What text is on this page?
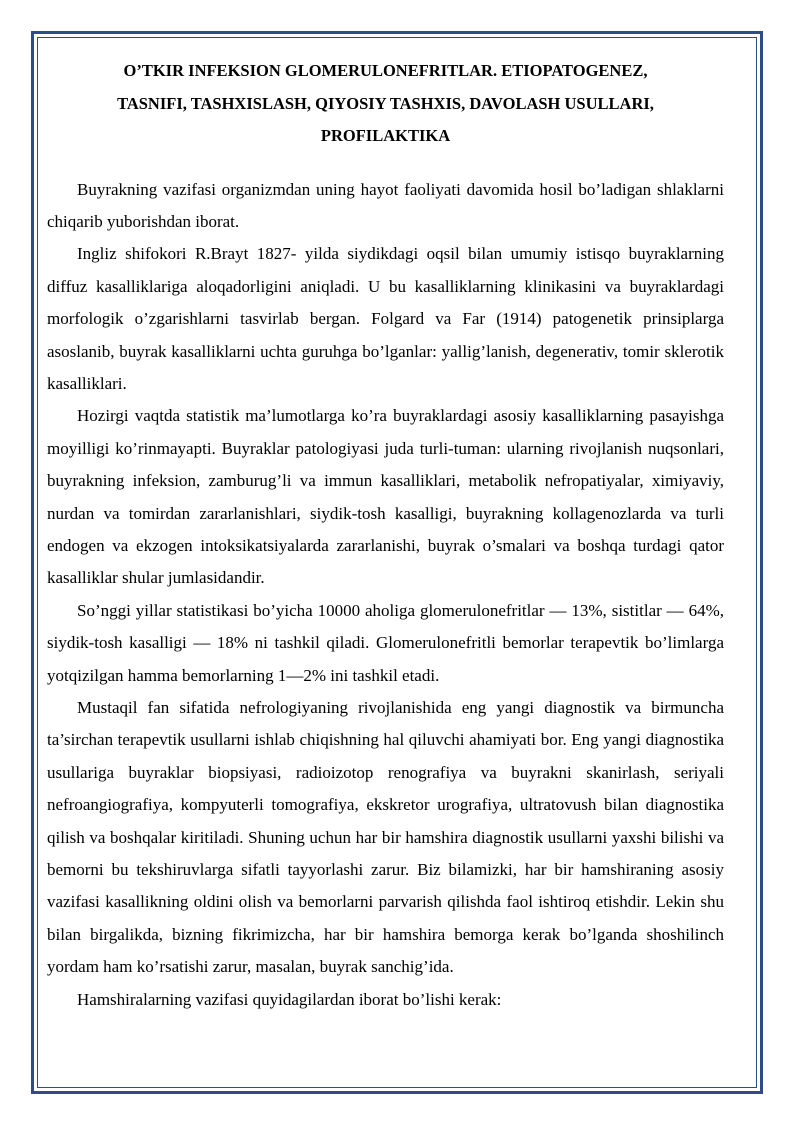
O’TKIR INFEKSION GLOMERULONEFRITLAR. ETIOPATOGENEZ,
TASNIFI, TASHXISLASH, QIYOSIY TASHXIS, DAVOLASH USULLARI,
PROFILAKTIKA

Buyrakning vazifasi organizmdan uning hayot faoliyati davomida hosil bo’ladigan shlaklarni chiqarib yuborishdan iborat.

Ingliz shifokori R.Brayt 1827- yilda siydikdagi oqsil bilan umumiy istisqo buyraklarning diffuz kasalliklariga aloqadorligini aniqladi. U bu kasalliklarning klinikasini va buyraklardagi morfologik o’zgarishlarni tasvirlab bergan. Folgard va Far (1914) patogenetik prinsiplarga asoslanib, buyrak kasalliklarni uchta guruhga bo’lganlar: yallig’lanish, degenerativ, tomir sklerotik kasalliklari.

Hozirgi vaqtda statistik ma’lumotlarga ko’ra buyraklardagi asosiy kasalliklarning pasayishga moyilligi ko’rinmayapti. Buyraklar patologiyasi juda turli-tuman: ularning rivojlanish nuqsonlari, buyrakning infeksion, zamburug’li va immun kasalliklari, metabolik nefropatiyalar, ximiyaviy, nurdan va tomirdan zararlanishlari, siydik-tosh kasalligi, buyrakning kollagenozlarda va turli endogen va ekzogen intoksikatsiyalarda zararlanishi, buyrak o’smalari va boshqa turdagi qator kasalliklar shular jumlasidandir.

So’nggi yillar statistikasi bo’yicha 10000 aholiga glomerulonefritlar — 13%, sistitlar — 64%, siydik-tosh kasalligi — 18% ni tashkil qiladi. Glomerulonefritli bemorlar terapevtik bo’limlarga yotqizilgan hamma bemorlarning 1—2% ini tashkil etadi.

Mustaqil fan sifatida nefrologiyaning rivojlanishida eng yangi diagnostik va birmuncha ta’sirchan terapevtik usullarni ishlab chiqishning hal qiluvchi ahamiyati bor. Eng yangi diagnostika usullariga buyraklar biopsiyasi, radioizotop renografiya va buyrakni skanirlash, seriyali nefroangiografiya, kompyuterli tomografiya, ekskretor urografiya, ultratovush bilan diagnostika qilish va boshqalar kiritiladi. Shuning uchun har bir hamshira diagnostik usullarni yaxshi bilishi va bemorni bu tekshiruvlarga sifatli tayyorlashi zarur. Biz bilamizki, har bir hamshiraning asosiy vazifasi kasallikning oldini olish va bemorlarni parvarish qilishda faol ishtiroq etishdir. Lekin shu bilan birgalikda, bizning fikrimizcha, har bir hamshira bemorga kerak bo’lganda shoshilinch yordam ham ko’rsatishi zarur, masalan, buyrak sanchig’ida.

Hamshiralarning vazifasi quyidagilardan iborat bo’lishi kerak:
